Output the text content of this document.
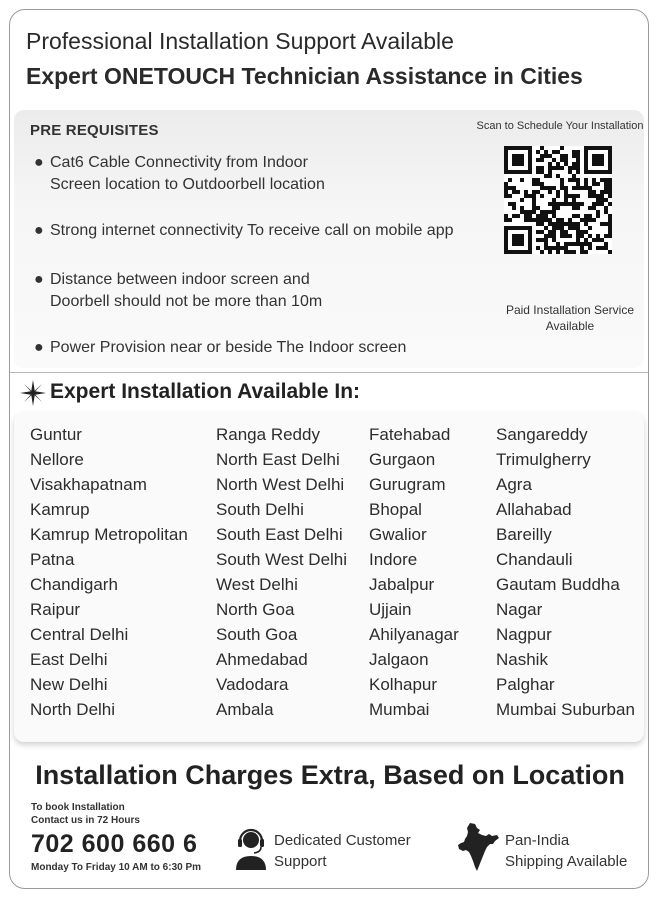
Professional Installation Support Available
Expert ONETOUCH Technician Assistance in Cities
PRE REQUISITES
● Cat6 Cable Connectivity from Indoor
Screen location to Outdoorbell location
● Strong internet connectivity To receive call on mobile app
● Distance between indoor screen and
Doorbell should not be more than 10m
● Power Provision near or beside The Indoor screen
Scan to Schedule Your Installation
Paid Installation Service
Available
Expert Installation Available In:
Guntur
Nellore
Visakhapatnam
Kamrup
Kamrup Metropolitan
Patna
Chandigarh
Raipur
Central Delhi
East Delhi
New Delhi
North Delhi
Ranga Reddy
North East Delhi
North West Delhi
South Delhi
South East Delhi
South West Delhi
West Delhi
North Goa
South Goa
Ahmedabad
Vadodara
Ambala
Fatehabad
Gurgaon
Gurugram
Bhopal
Gwalior
Indore
Jabalpur
Ujjain
Ahilyanagar
Jalgaon
Kolhapur
Mumbai
Sangareddy
Trimulgherry
Agra
Allahabad
Bareilly
Chandauli
Gautam Buddha
Nagar
Nagpur
Nashik
Palghar
Mumbai Suburban
Installation Charges Extra, Based on Location
To book Installation
Contact us in 72 Hours
702 600 660 6
Monday To Friday 10 AM to 6:30 Pm
Dedicated Customer
Support
Pan-India
Shipping Available
